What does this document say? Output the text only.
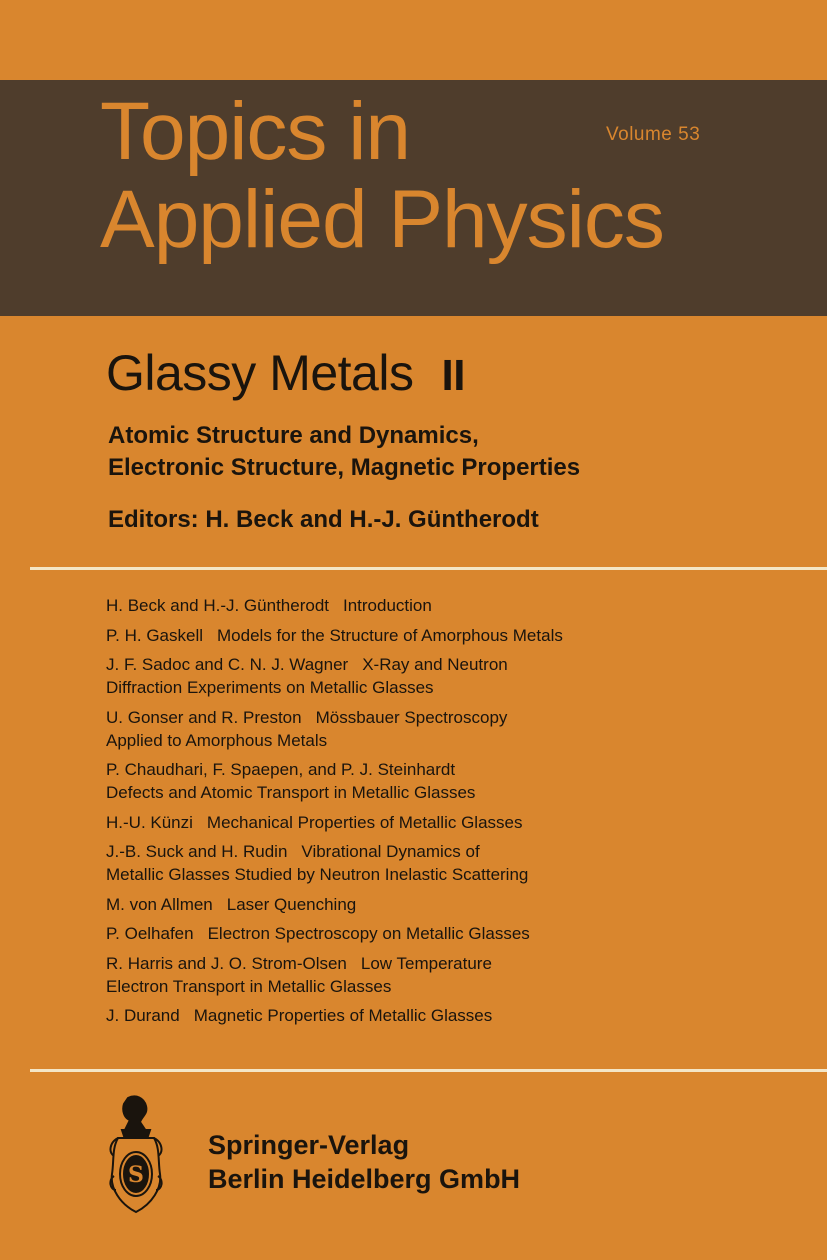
Topics in
Applied Physics
Volume 53
Glassy Metals II
Atomic Structure and Dynamics,
Electronic Structure, Magnetic Properties
Editors: H. Beck and H.-J. Güntherodt
H. Beck and H.-J. Güntherodt Introduction
P. H. Gaskell Models for the Structure of Amorphous Metals
J. F. Sadoc and C. N. J. Wagner X-Ray and Neutron
Diffraction Experiments on Metallic Glasses
U. Gonser and R. Preston Mössbauer Spectroscopy
Applied to Amorphous Metals
P. Chaudhari, F. Spaepen, and P. J. Steinhardt
Defects and Atomic Transport in Metallic Glasses
H.-U. Künzi Mechanical Properties of Metallic Glasses
J.-B. Suck and H. Rudin Vibrational Dynamics of
Metallic Glasses Studied by Neutron Inelastic Scattering
M. von Allmen Laser Quenching
P. Oelhafen Electron Spectroscopy on Metallic Glasses
R. Harris and J. O. Strom-Olsen Low Temperature
Electron Transport in Metallic Glasses
J. Durand Magnetic Properties of Metallic Glasses
S
Springer-Verlag
Berlin Heidelberg GmbH
